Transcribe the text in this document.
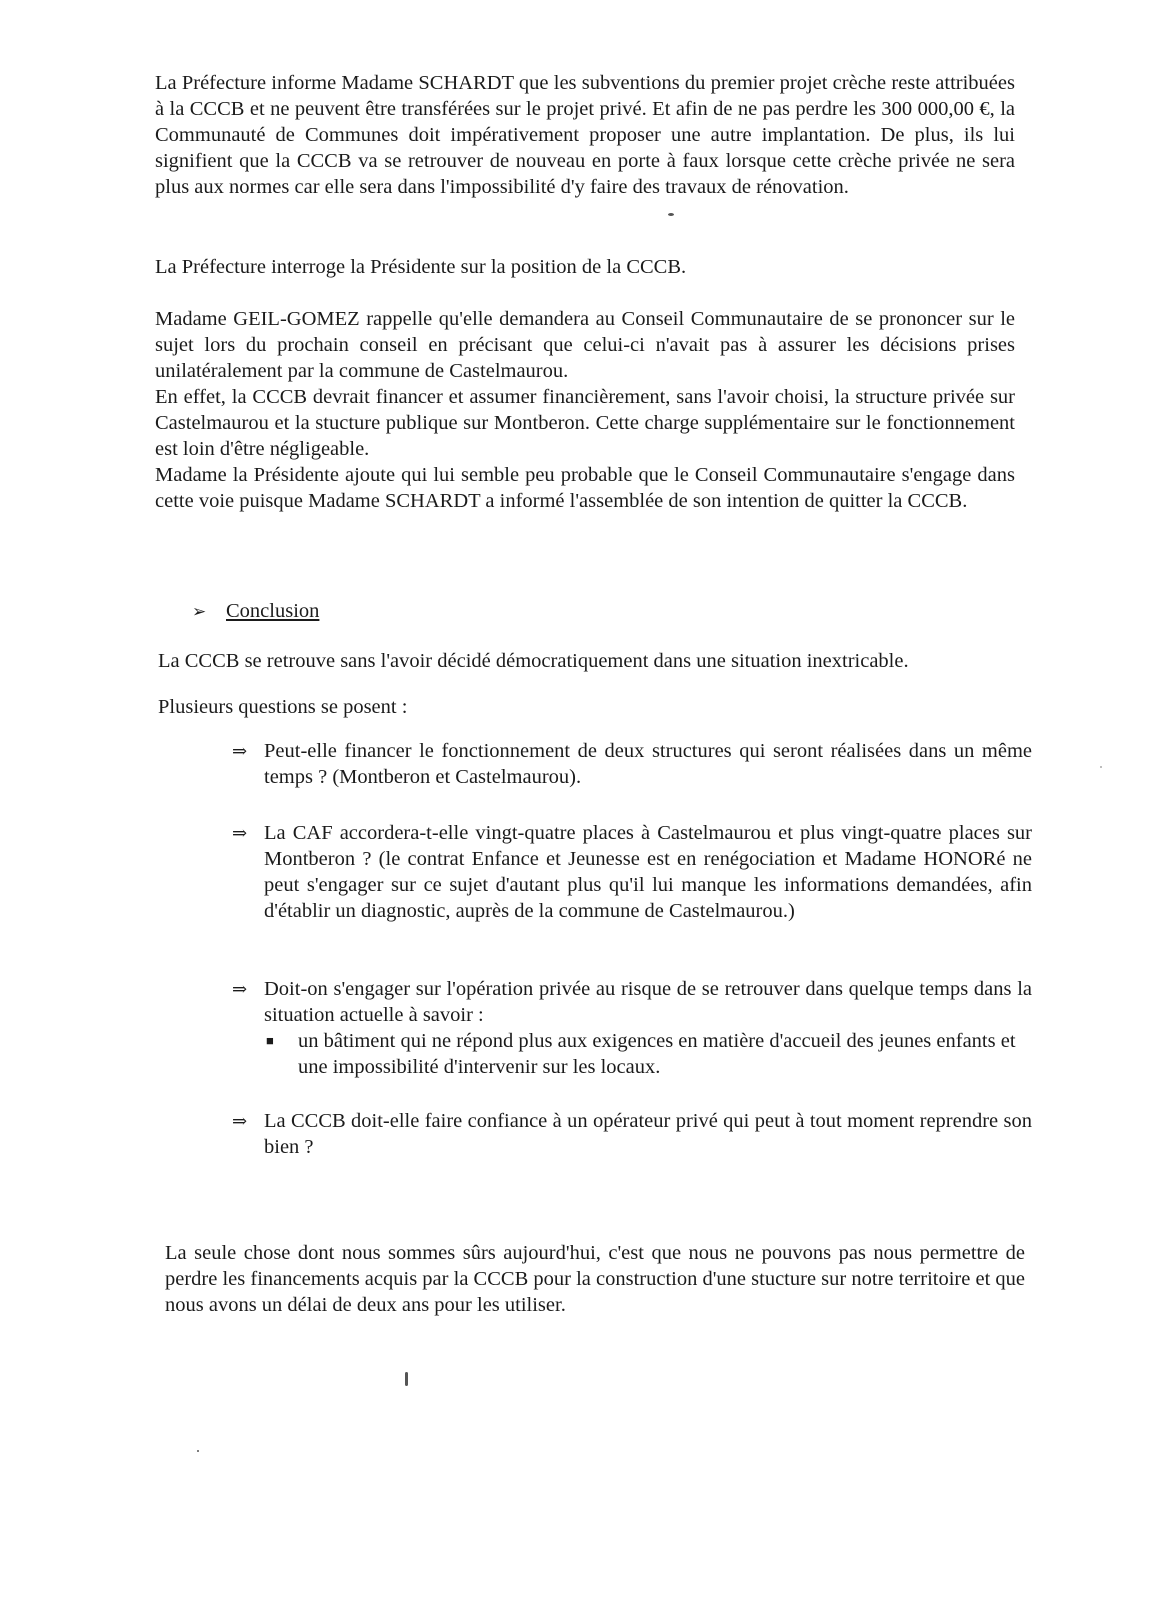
La Préfecture informe Madame SCHARDT que les subventions du premier projet crèche reste attribuées à la CCCB et ne peuvent être transférées sur le projet privé. Et afin de ne pas perdre les 300 000,00 €, la Communauté de Communes doit impérativement proposer une autre implantation. De plus, ils lui signifient que la CCCB va se retrouver de nouveau en porte à faux lorsque cette crèche privée ne sera plus aux normes car elle sera dans l'impossibilité d'y faire des travaux de rénovation.

La Préfecture interroge la Présidente sur la position de la CCCB.

Madame GEIL-GOMEZ rappelle qu'elle demandera au Conseil Communautaire de se prononcer sur le sujet lors du prochain conseil en précisant que celui-ci n'avait pas à assurer les décisions prises unilatéralement par la commune de Castelmaurou.

En effet, la CCCB devrait financer et assumer financièrement, sans l'avoir choisi, la structure privée sur Castelmaurou et la stucture publique sur Montberon. Cette charge supplémentaire sur le fonctionnement est loin d'être négligeable.

Madame la Présidente ajoute qui lui semble peu probable que le Conseil Communautaire s'engage dans cette voie puisque Madame SCHARDT a informé l'assemblée de son intention de quitter la CCCB.

➢ Conclusion

La CCCB se retrouve sans l'avoir décidé démocratiquement dans une situation inextricable.

Plusieurs questions se posent :

⇒ Peut-elle financer le fonctionnement de deux structures qui seront réalisées dans un même temps ? (Montberon et Castelmaurou).
⇒ La CAF accordera-t-elle vingt-quatre places à Castelmaurou et plus vingt-quatre places sur Montberon ? (le contrat Enfance et Jeunesse est en renégociation et Madame HONORé ne peut s'engager sur ce sujet d'autant plus qu'il lui manque les informations demandées, afin d'établir un diagnostic, auprès de la commune de Castelmaurou.)
⇒ Doit-on s'engager sur l'opération privée au risque de se retrouver dans quelque temps dans la situation actuelle à savoir :
■ un bâtiment qui ne répond plus aux exigences en matière d'accueil des jeunes enfants et une impossibilité d'intervenir sur les locaux.
⇒ La CCCB doit-elle faire confiance à un opérateur privé qui peut à tout moment reprendre son bien ?

La seule chose dont nous sommes sûrs aujourd'hui, c'est que nous ne pouvons pas nous permettre de perdre les financements acquis par la CCCB pour la construction d'une stucture sur notre territoire et que nous avons un délai de deux ans pour les utiliser.
